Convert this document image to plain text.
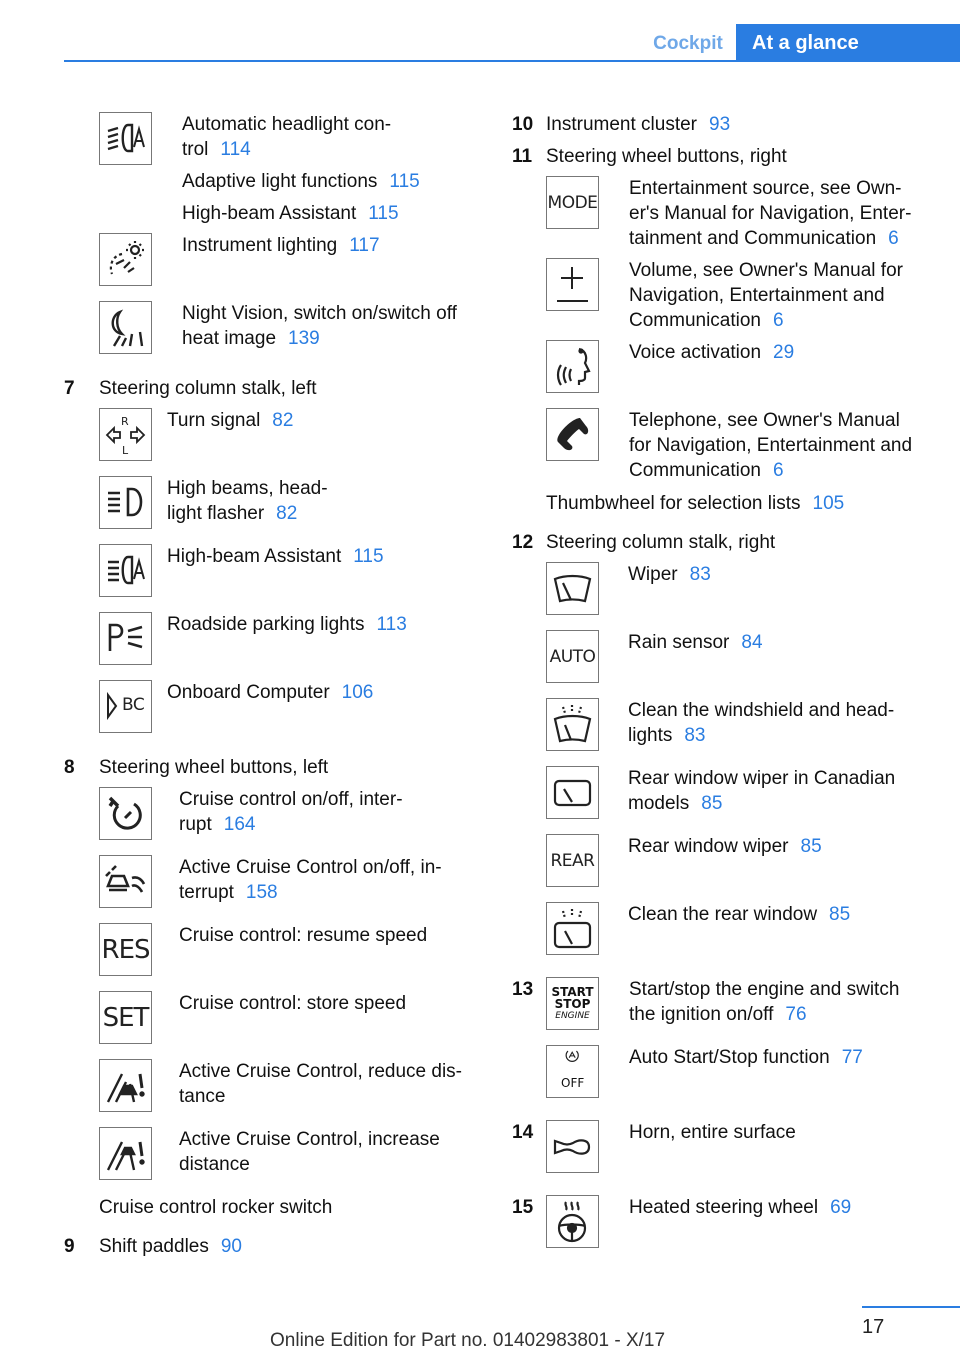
Cockpit	At a glance
Automatic headlight con-
trol 114
Adaptive light functions 115
High-beam Assistant 115
Instrument lighting 117
Night Vision, switch on/switch off
heat image 139
7 Steering column stalk, left
R
L
Turn signal 82
High beams, head-
light flasher 82
High-beam Assistant 115
Roadside parking lights 113
BC
Onboard Computer 106
8 Steering wheel buttons, left
Cruise control on/off, inter-
rupt 164
Active Cruise Control on/off, in-
terrupt 158
RES Cruise control: resume speed
SET Cruise control: store speed
Active Cruise Control, reduce dis-
tance
Active Cruise Control, increase
distance
Cruise control rocker switch
9 Shift paddles 90
10 Instrument cluster 93
11 Steering wheel buttons, right
MODE
Entertainment source, see Own-
er's Manual for Navigation, Enter-
tainment and Communication 6
Volume, see Owner's Manual for
Navigation, Entertainment and
Communication 6
Voice activation 29
Telephone, see Owner's Manual
for Navigation, Entertainment and
Communication 6
Thumbwheel for selection lists 105
12 Steering column stalk, right
Wiper 83
AUTO
Rain sensor 84
Clean the windshield and head-
lights 83
Rear window wiper in Canadian
models 85
REAR
Rear window wiper 85
Clean the rear window 85
13 START
STOP
ENGINE
Start/stop the engine and switch
the ignition on/off 76
OFF
Auto Start/Stop function 77
14	Horn, entire surface
15	Heated steering wheel 69
17
Online Edition for Part no. 01402983801 - X/17
